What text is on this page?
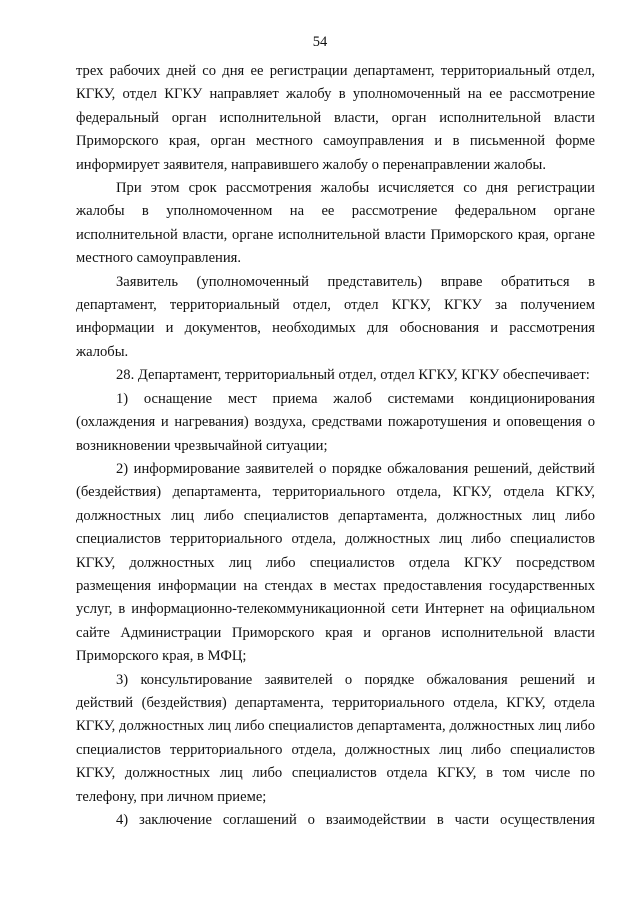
54

трех рабочих дней со дня ее регистрации департамент, территориальный отдел, КГКУ, отдел КГКУ направляет жалобу в уполномоченный на ее рассмотрение федеральный орган исполнительной власти, орган исполнительной власти Приморского края, орган местного самоуправления и в письменной форме информирует заявителя, направившего жалобу о перенаправлении жалобы.

При этом срок рассмотрения жалобы исчисляется со дня регистрации жалобы в уполномоченном на ее рассмотрение федеральном органе исполнительной власти, органе исполнительной власти Приморского края, органе местного самоуправления.

Заявитель (уполномоченный представитель) вправе обратиться в департамент, территориальный отдел, отдел КГКУ, КГКУ за получением информации и документов, необходимых для обоснования и рассмотрения жалобы.

28. Департамент, территориальный отдел, отдел КГКУ, КГКУ обеспечивает:

1) оснащение мест приема жалоб системами кондиционирования (охлаждения и нагревания) воздуха, средствами пожаротушения и оповещения о возникновении чрезвычайной ситуации;

2) информирование заявителей о порядке обжалования решений, действий (бездействия) департамента, территориального отдела, КГКУ, отдела КГКУ, должностных лиц либо специалистов департамента, должностных лиц либо специалистов территориального отдела, должностных лиц либо специалистов КГКУ, должностных лиц либо специалистов отдела КГКУ посредством размещения информации на стендах в местах предоставления государственных услуг, в информационно-телекоммуникационной сети Интернет на официальном сайте Администрации Приморского края и органов исполнительной власти Приморского края, в МФЦ;

3) консультирование заявителей о порядке обжалования решений и действий (бездействия) департамента, территориального отдела, КГКУ, отдела КГКУ, должностных лиц либо специалистов департамента, должностных лиц либо специалистов территориального отдела, должностных лиц либо специалистов КГКУ, должностных лиц либо специалистов отдела КГКУ, в том числе по телефону, при личном приеме;

4) заключение соглашений о взаимодействии в части осуществления
